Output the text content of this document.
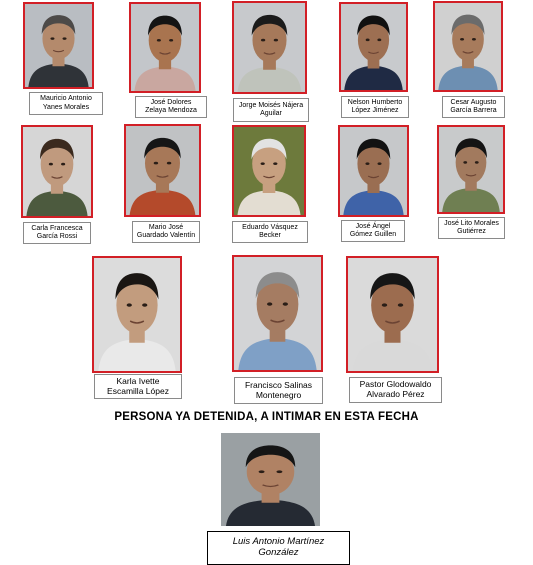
Mauricio Antonio
Yanes Morales
José Dolores
Zelaya Mendoza
Jorge Moisés Nájera
Aguilar
Nelson Humberto
López Jiménez
Cesar Augusto
García Barrera
Carla Francesca
García Rossi
Mario José
Guardado Valentín
Eduardo Vásquez
Becker
José Ángel
Gómez Guillen
José Lito Morales
Gutiérrez
Karla Ivette
Escamilla López
Francisco Salinas
Montenegro
Pastor Glodowaldo
Alvarado Pérez
PERSONA YA DETENIDA, A INTIMAR EN ESTA FECHA
Luis Antonio Martínez
González
